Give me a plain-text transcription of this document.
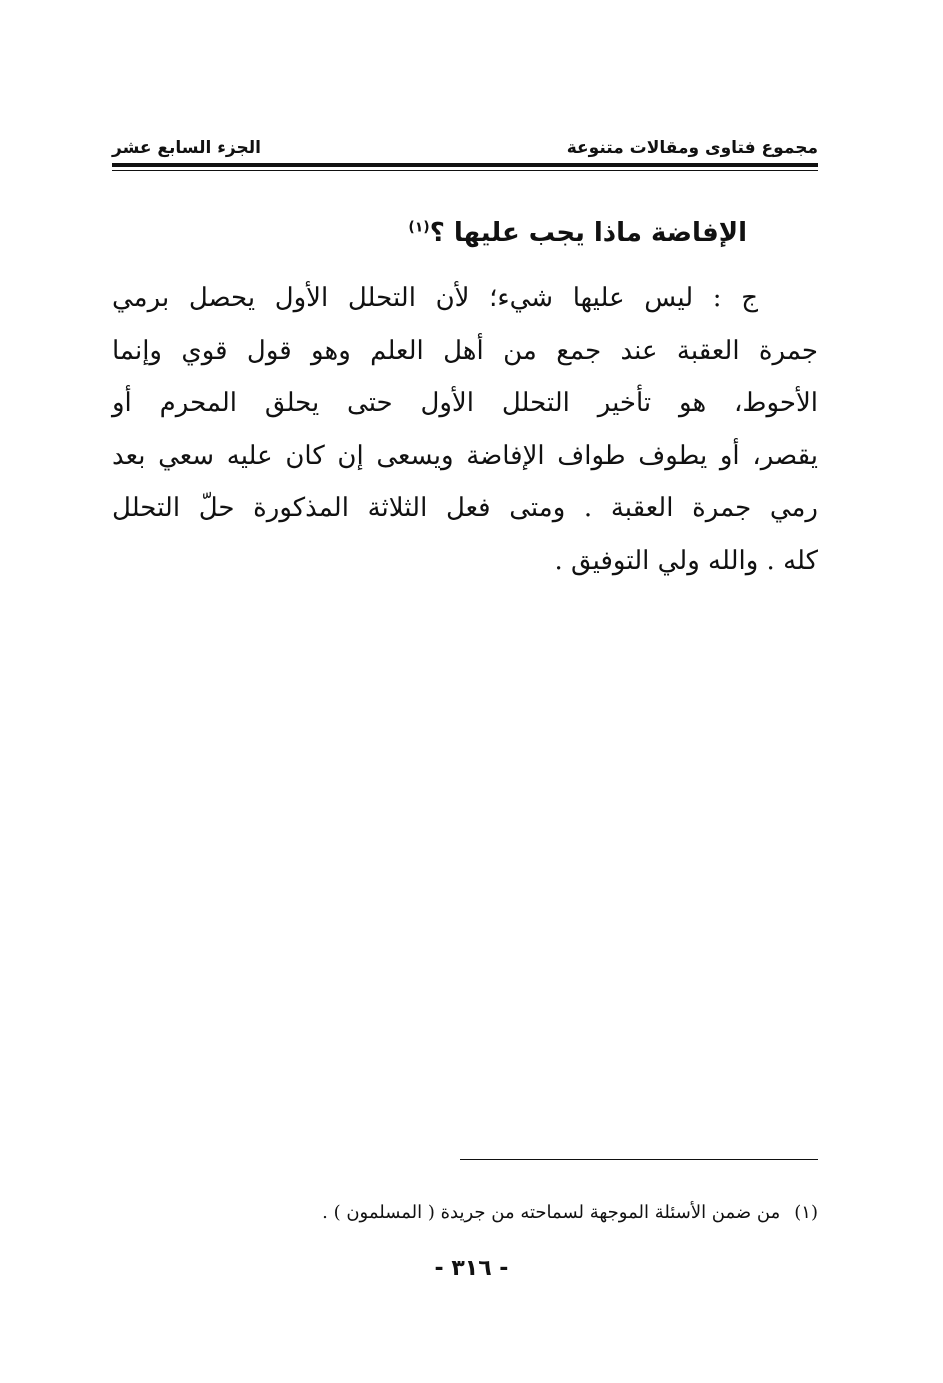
مجموع فتاوى ومقالات متنوعة
الجزء السابع عشر
الإفاضة ماذا يجب عليها ؟$^{(١)}$
ج : ليس عليها شيء؛ لأن التحلل الأول يحصل برمي
جمرة العقبة عند جمع من أهل العلم وهو قول قوي وإنما
الأحوط، هو تأخير التحلل الأول حتى يحلق المحرم أو
يقصر، أو يطوف طواف الإفاضة ويسعى إن كان عليه سعي بعد
رمي جمرة العقبة . ومتى فعل الثلاثة المذكورة حلّ التحلل
كله . والله ولي التوفيق .
(١)من ضمن الأسئلة الموجهة لسماحته من جريدة ( المسلمون ) .
- ٣١٦ -
